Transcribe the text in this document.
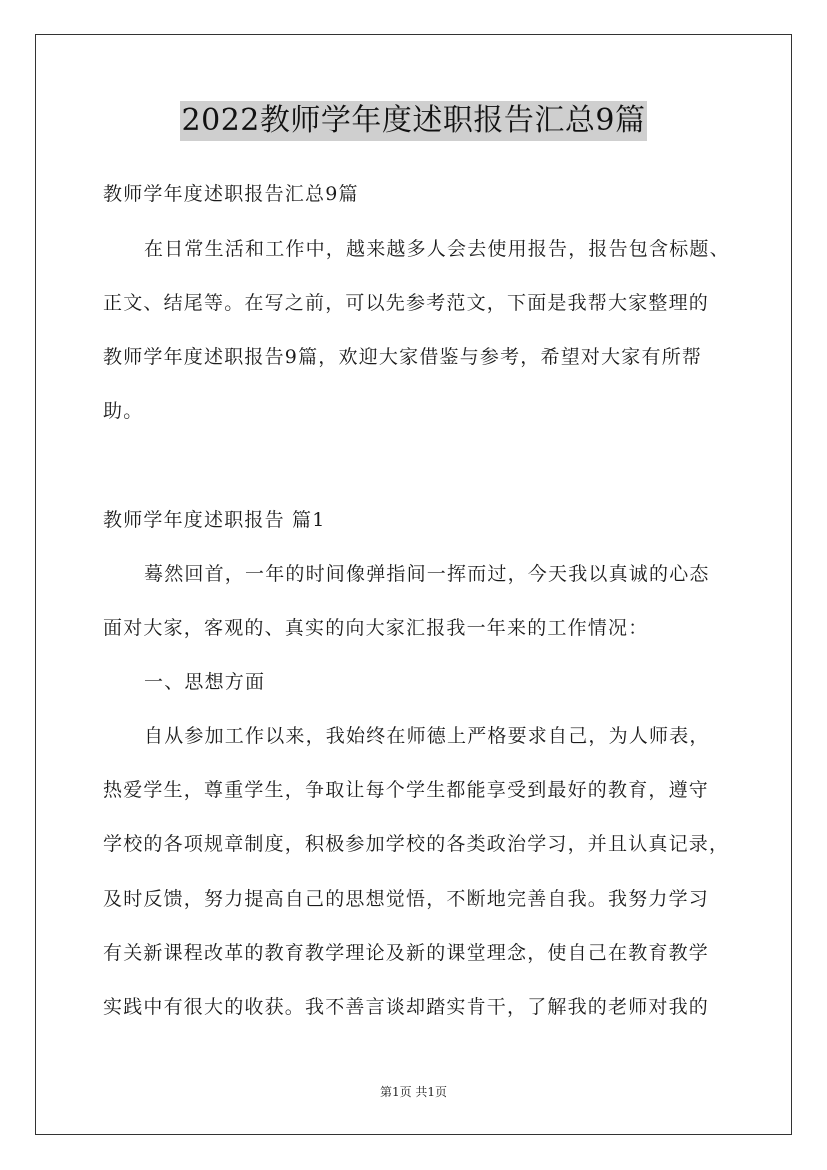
2022教师学年度述职报告汇总9篇
教师学年度述职报告汇总9篇
在日常生活和工作中，越来越多人会去使用报告，报告包含标题、
正文、结尾等。在写之前，可以先参考范文，下面是我帮大家整理的
教师学年度述职报告9篇，欢迎大家借鉴与参考，希望对大家有所帮
助。
教师学年度述职报告 篇1
蓦然回首，一年的时间像弹指间一挥而过，今天我以真诚的心态
面对大家，客观的、真实的向大家汇报我一年来的工作情况：
一、思想方面
自从参加工作以来，我始终在师德上严格要求自己，为人师表，
热爱学生，尊重学生，争取让每个学生都能享受到最好的教育，遵守
学校的各项规章制度，积极参加学校的各类政治学习，并且认真记录，
及时反馈，努力提高自己的思想觉悟，不断地完善自我。我努力学习
有关新课程改革的教育教学理论及新的课堂理念，使自己在教育教学
实践中有很大的收获。我不善言谈却踏实肯干，了解我的老师对我的
第1页 共1页
